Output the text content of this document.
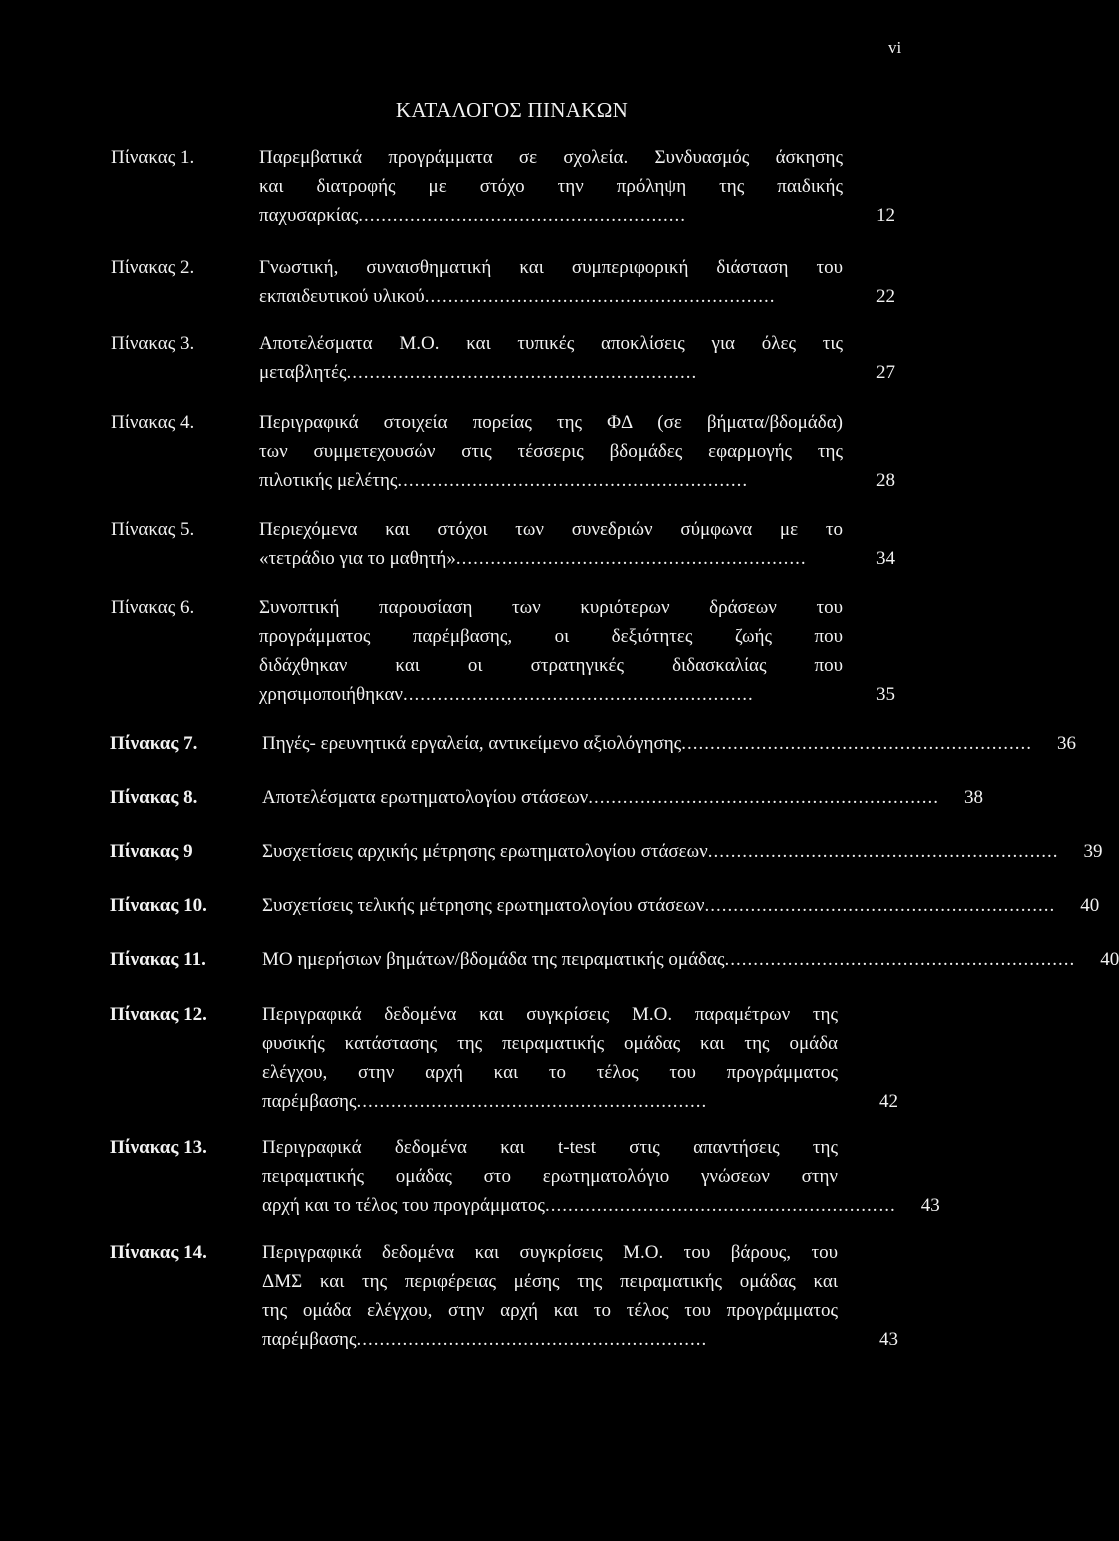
vi
ΚΑΤΑΛΟΓΟΣ ΠΙΝΑΚΩΝ
Πίνακας 1.	Παρεμβατικά προγράμματα σε σχολεία. Συνδυασμός άσκησης
και διατροφής με στόχο την πρόληψη της παιδικής
παχυσαρκίας .........................................................	12
Πίνακας 2.	Γνωστική, συναισθηματική και συμπεριφορική διάσταση του
εκπαιδευτικού υλικού .............................................................	22
Πίνακας 3.	Αποτελέσματα Μ.Ο. και τυπικές αποκλίσεις για όλες τις
μεταβλητές .............................................................	27
Πίνακας 4.	Περιγραφικά στοιχεία πορείας της ΦΔ (σε βήματα/βδομάδα)
των συμμετεχουσών στις τέσσερις βδομάδες εφαρμογής της
πιλοτικής μελέτης .............................................................	28
Πίνακας 5.	Περιεχόμενα και στόχοι των συνεδριών σύμφωνα με το
«τετράδιο για το μαθητή» .............................................................	34
Πίνακας 6.	Συνοπτική παρουσίαση των κυριότερων δράσεων του
προγράμματος παρέμβασης, οι δεξιότητες ζωής που
διδάχθηκαν και οι στρατηγικές διδασκαλίας που
χρησιμοποιήθηκαν .............................................................	35
Πίνακας 7.	Πηγές- ερευνητικά εργαλεία, αντικείμενο αξιολόγησης .............................................................	36
Πίνακας 8.	Αποτελέσματα ερωτηματολογίου στάσεων .............................................................	38
Πίνακας 9	Συσχετίσεις αρχικής μέτρησης ερωτηματολογίου στάσεων .............................................................	39
Πίνακας 10.	Συσχετίσεις τελικής μέτρησης ερωτηματολογίου στάσεων .............................................................	40
Πίνακας 11.	ΜΟ ημερήσιων βημάτων/βδομάδα της πειραματικής ομάδας .............................................................	40
Πίνακας 12.	Περιγραφικά δεδομένα και συγκρίσεις Μ.Ο. παραμέτρων της
φυσικής κατάστασης της πειραματικής ομάδας και της ομάδα
ελέγχου, στην αρχή και το τέλος του προγράμματος
παρέμβασης .............................................................	42
Πίνακας 13.	Περιγραφικά δεδομένα και t-test στις απαντήσεις της
πειραματικής ομάδας στο ερωτηματολόγιο γνώσεων στην
αρχή και το τέλος του προγράμματος .............................................................	43
Πίνακας 14.	Περιγραφικά δεδομένα και συγκρίσεις Μ.Ο. του βάρους, του
ΔΜΣ και της περιφέρειας μέσης της πειραματικής ομάδας και
της ομάδα ελέγχου, στην αρχή και το τέλος του προγράμματος
παρέμβασης .............................................................	43
